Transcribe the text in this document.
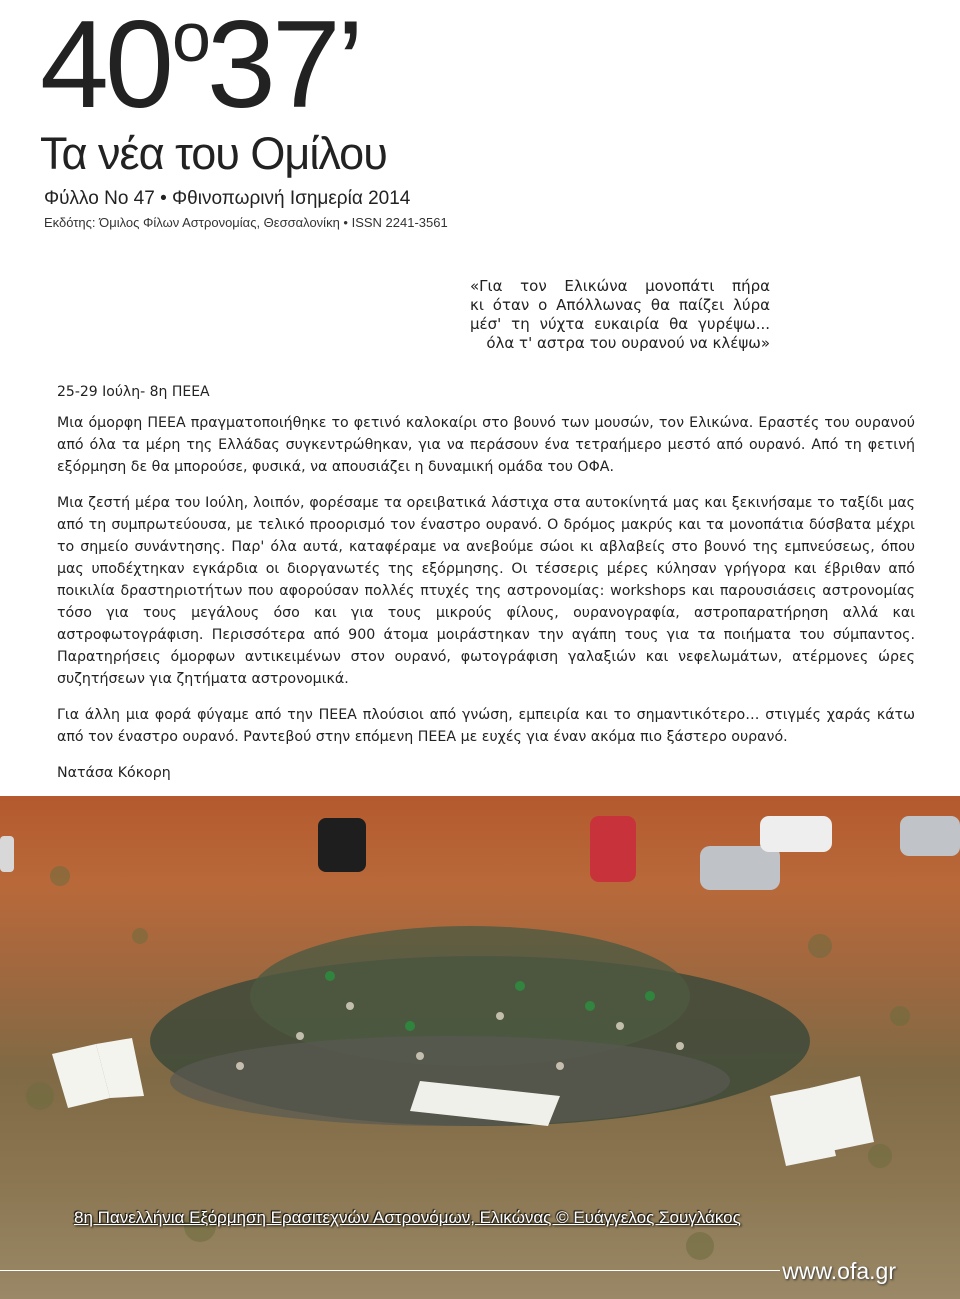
$40^o37$’
Τα νέα του Ομίλου
Φύλλο Νο 47 • Φθινοπωρινή Ισημερία 2014
Εκδότης: Όμιλος Φίλων Αστρονομίας, Θεσσαλονίκη • ISSN 2241-3561
«Για τον Ελικώνα μονοπάτι πήρα
κι όταν ο Απόλλωνας θα παίζει λύρα
μέσ' τη νύχτα ευκαιρία θα γυρέψω...
όλα τ' αστρα του ουρανού να κλέψω»
25-29 Ιούλη- 8η ΠΕΕΑ

Μια όμορφη ΠΕΕΑ πραγματοποιήθηκε το φετινό καλοκαίρι στο βουνό των μουσών, τον Ελικώνα. Εραστές του ουρανού από όλα τα μέρη της Ελλάδας συγκεντρώθηκαν, για να περάσουν ένα τετραήμερο μεστό από ουρανό. Από τη φετινή εξόρμηση δε θα μπορούσε, φυσικά, να απουσιάζει η δυναμική ομάδα του ΟΦΑ.

Μια ζεστή μέρα του Ιούλη, λοιπόν, φορέσαμε τα ορειβατικά λάστιχα στα αυτοκίνητά μας και ξεκινήσαμε το ταξίδι μας από τη συμπρωτεύουσα, με τελικό προορισμό τον έναστρο ουρανό. Ο δρόμος μακρύς και τα μονοπάτια δύσβατα μέχρι το σημείο συνάντησης. Παρ' όλα αυτά, καταφέραμε να ανεβούμε σώοι κι αβλαβείς στο βουνό της εμπνεύσεως, όπου μας υποδέχτηκαν εγκάρδια οι διοργανωτές της εξόρμησης. Οι τέσσερις μέρες κύλησαν γρήγορα και έβριθαν από ποικιλία δραστηριοτήτων που αφορούσαν πολλές πτυχές της αστρονομίας: workshops και παρουσιάσεις αστρονομίας τόσο για τους μεγάλους όσο και για τους μικρούς φίλους, ουρανογραφία, αστροπαρατήρηση αλλά και αστροφωτογράφιση. Περισσότερα από 900 άτομα μοιράστηκαν την αγάπη τους για τα ποιήματα του σύμπαντος. Παρατηρήσεις όμορφων αντικειμένων στον ουρανό, φωτογράφιση γαλαξιών και νεφελωμάτων, ατέρμονες ώρες συζητήσεων για ζητήματα αστρονομικά.

Για άλλη μια φορά φύγαμε από την ΠΕΕΑ πλούσιοι από γνώση, εμπειρία και το σημαντικότερο… στιγμές χαράς κάτω από τον έναστρο ουρανό. Ραντεβού στην επόμενη ΠΕΕΑ με ευχές για έναν ακόμα πιο ξάστερο ουρανό.

Νατάσα Κόκορη
8η Πανελλήνια Εξόρμηση Ερασιτεχνών Αστρονόμων, Ελικώνας © Ευάγγελος Σουγλάκος
www.ofa.gr
